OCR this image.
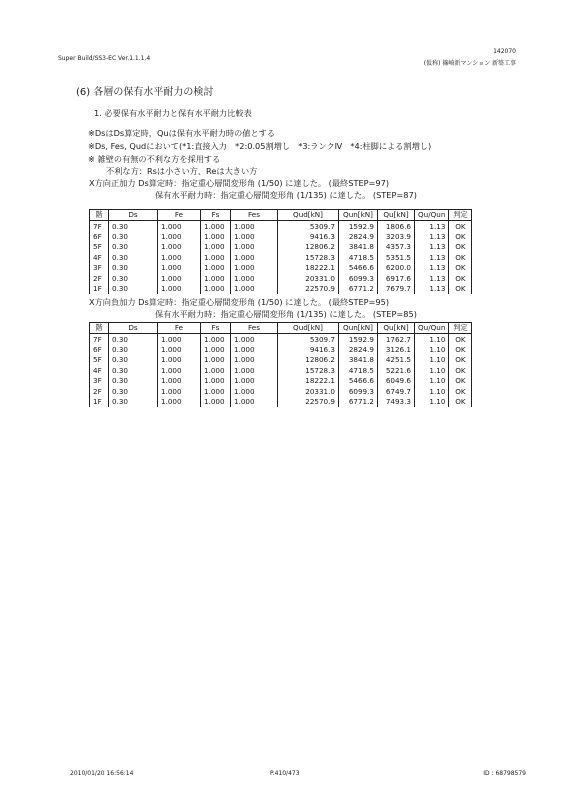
Super Build/SS3-EC Ver.1.1.1.4
142070
(仮称) 篠崎新マンション 新築工事
(6) 各層の保有水平耐力の検討
1. 必要保有水平耐力と保有水平耐力比較表
※DsはDs算定時，Quは保有水平耐力時の値とする
※Ds, Fes, Qudにおいて(*1:直接入力　*2:0.05割増し　*3:ランクⅣ　*4:柱脚による割増し)
※ 雑壁の有無の不利な方を採用する
不利な方：Rsは小さい方、Reは大きい方
X方向正加力 Ds算定時：指定重心層間変形角 (1/50) に達した。 (最終STEP=97)
保有水平耐力時：指定重心層間変形角 (1/135) に達した。 (STEP=87)
階	Ds	Fe	Fs	Fes	Qud[kN]	Qun[kN]	Qu[kN]	Qu/Qun	判定
7F	0.30	1.000	1.000	1.000	5309.7	1592.9	1806.6	1.13	OK
6F	0.30	1.000	1.000	1.000	9416.3	2824.9	3203.9	1.13	OK
5F	0.30	1.000	1.000	1.000	12806.2	3841.8	4357.3	1.13	OK
4F	0.30	1.000	1.000	1.000	15728.3	4718.5	5351.5	1.13	OK
3F	0.30	1.000	1.000	1.000	18222.1	5466.6	6200.0	1.13	OK
2F	0.30	1.000	1.000	1.000	20331.0	6099.3	6917.6	1.13	OK
1F	0.30	1.000	1.000	1.000	22570.9	6771.2	7679.7	1.13	OK
X方向負加力 Ds算定時：指定重心層間変形角 (1/50) に達した。 (最終STEP=95)
保有水平耐力時：指定重心層間変形角 (1/135) に達した。 (STEP=85)
階	Ds	Fe	Fs	Fes	Qud[kN]	Qun[kN]	Qu[kN]	Qu/Qun	判定
7F	0.30	1.000	1.000	1.000	5309.7	1592.9	1762.7	1.10	OK
6F	0.30	1.000	1.000	1.000	9416.3	2824.9	3126.1	1.10	OK
5F	0.30	1.000	1.000	1.000	12806.2	3841.8	4251.5	1.10	OK
4F	0.30	1.000	1.000	1.000	15728.3	4718.5	5221.6	1.10	OK
3F	0.30	1.000	1.000	1.000	18222.1	5466.6	6049.6	1.10	OK
2F	0.30	1.000	1.000	1.000	20331.0	6099.3	6749.7	1.10	OK
1F	0.30	1.000	1.000	1.000	22570.9	6771.2	7493.3	1.10	OK
2010/01/20 16:56:14	P.410/473	ID : 68798579
